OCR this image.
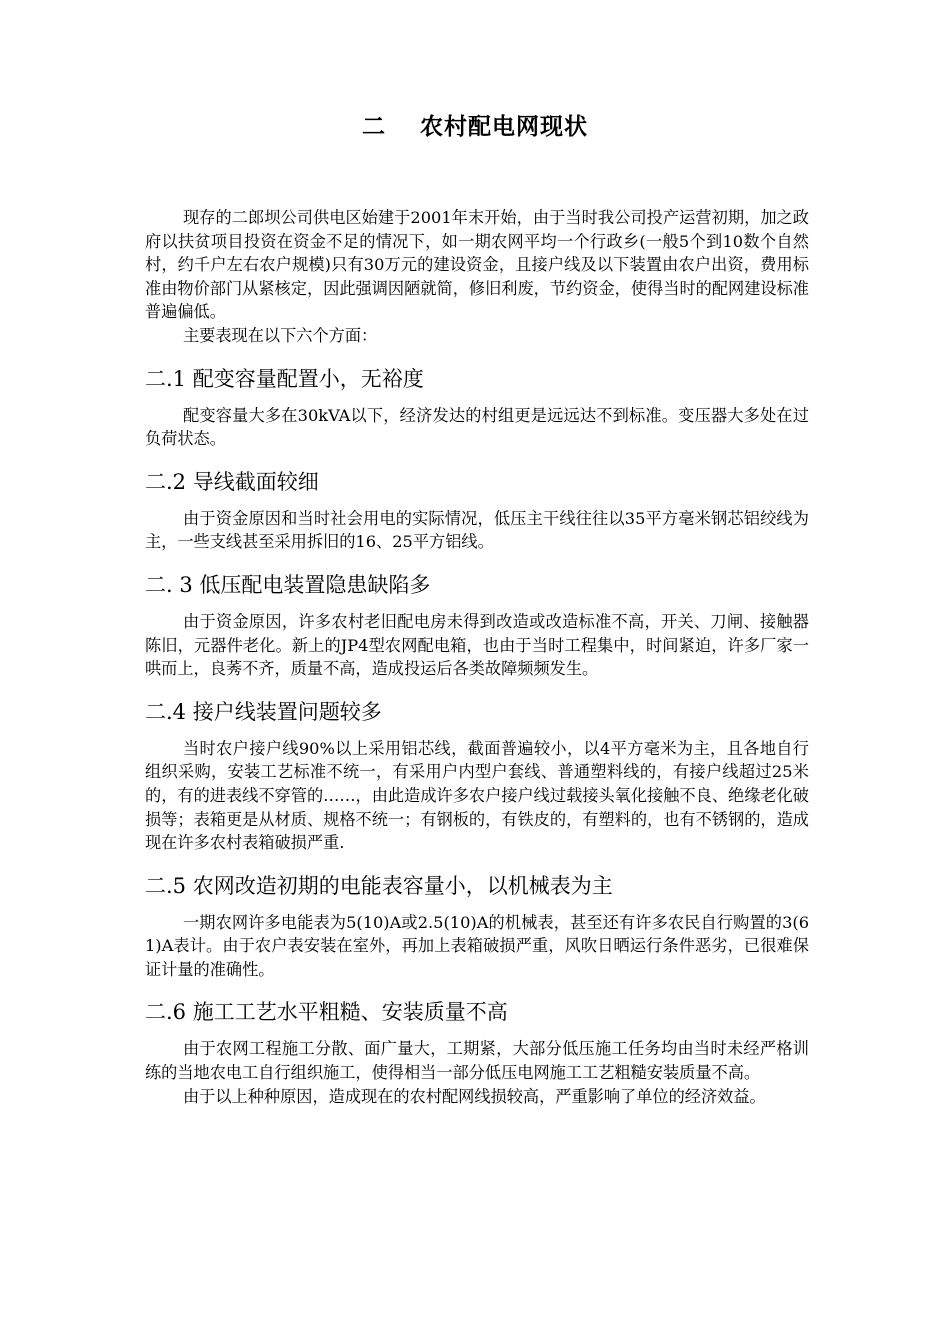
二 农村配电网现状

现存的二郎坝公司供电区始建于2001年末开始，由于当时我公司投产运营初期，加之政府以扶贫项目投资在资金不足的情况下，如一期农网平均一个行政乡(一般5个到10数个自然村，约千户左右农户规模)只有30万元的建设资金，且接户线及以下装置由农户出资，费用标准由物价部门从紧核定，因此强调因陋就简，修旧利废，节约资金，使得当时的配网建设标准普遍偏低。

主要表现在以下六个方面：

二.1 配变容量配置小，无裕度

配变容量大多在30kVA以下，经济发达的村组更是远远达不到标准。变压器大多处在过负荷状态。

二.2 导线截面较细

由于资金原因和当时社会用电的实际情况，低压主干线往往以35平方毫米钢芯铝绞线为主，一些支线甚至采用拆旧的16、25平方铝线。

二. 3 低压配电装置隐患缺陷多

由于资金原因，许多农村老旧配电房未得到改造或改造标准不高，开关、刀闸、接触器陈旧，元器件老化。新上的JP4型农网配电箱，也由于当时工程集中，时间紧迫，许多厂家一哄而上，良莠不齐，质量不高，造成投运后各类故障频频发生。

二.4 接户线装置问题较多

当时农户接户线90%以上采用铝芯线，截面普遍较小，以4平方毫米为主，且各地自行组织采购，安装工艺标准不统一，有采用户内型户套线、普通塑料线的，有接户线超过25米的，有的进表线不穿管的……，由此造成许多农户接户线过载接头氧化接触不良、绝缘老化破损等；表箱更是从材质、规格不统一；有钢板的，有铁皮的，有塑料的，也有不锈钢的，造成现在许多农村表箱破损严重.

二.5 农网改造初期的电能表容量小，以机械表为主

一期农网许多电能表为5(10)A或2.5(10)A的机械表，甚至还有许多农民自行购置的3(61)A表计。由于农户表安装在室外，再加上表箱破损严重，风吹日晒运行条件恶劣，已很难保证计量的准确性。

二.6 施工工艺水平粗糙、安装质量不高

由于农网工程施工分散、面广量大，工期紧，大部分低压施工任务均由当时未经严格训练的当地农电工自行组织施工，使得相当一部分低压电网施工工艺粗糙安装质量不高。

由于以上种种原因，造成现在的农村配网线损较高，严重影响了单位的经济效益。
